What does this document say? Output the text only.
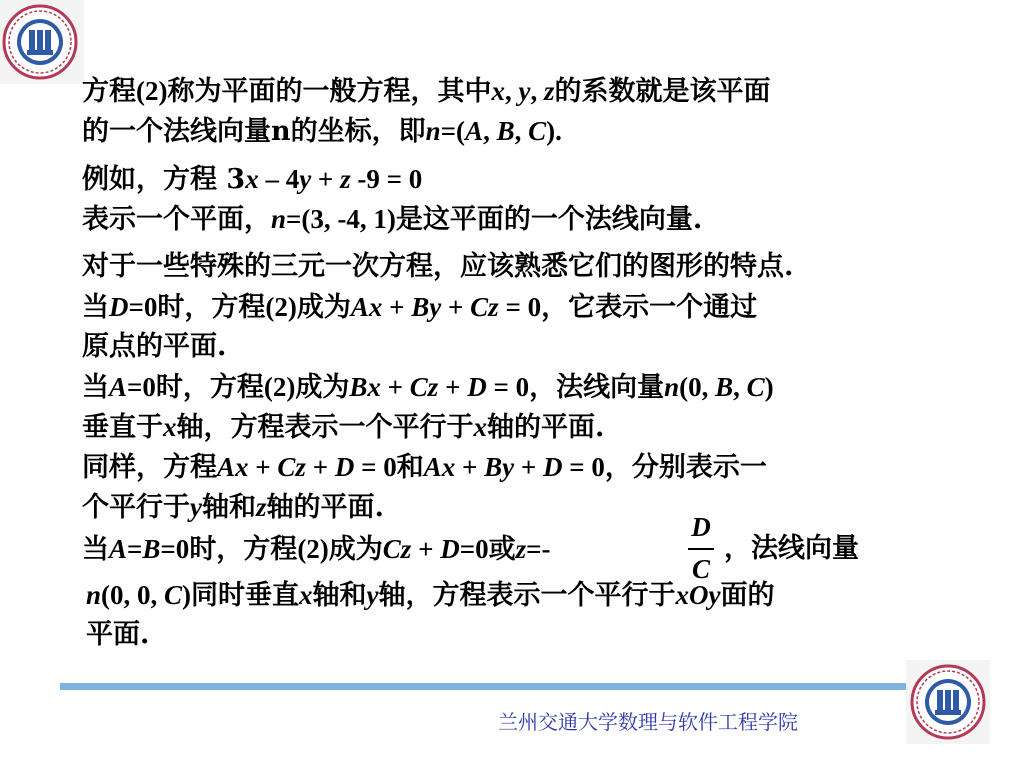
方程(2)称为平面的一般方程，其中x, y, z的系数就是该平面
的一个法线向量n的坐标，即n=(A, B, C).
例如，方程 3x – 4y + z -9 = 0
表示一个平面，n=(3, -4, 1)是这平面的一个法线向量.
对于一些特殊的三元一次方程，应该熟悉它们的图形的特点.
当D=0时，方程(2)成为Ax + By + Cz = 0，它表示一个通过
原点的平面.
当A=0时，方程(2)成为Bx + Cz + D = 0，法线向量n(0, B, C)
垂直于x轴，方程表示一个平行于x轴的平面.
同样，方程Ax + Cz + D = 0和Ax + By + D = 0，分别表示一
个平行于y轴和z轴的平面.
当A=B=0时，方程(2)成为Cz + D=0或z=-	，法线向量
n(0, 0, C)同时垂直x轴和y轴，方程表示一个平行于xOy面的
平面.
D
C
兰州交通大学数理与软件工程学院
